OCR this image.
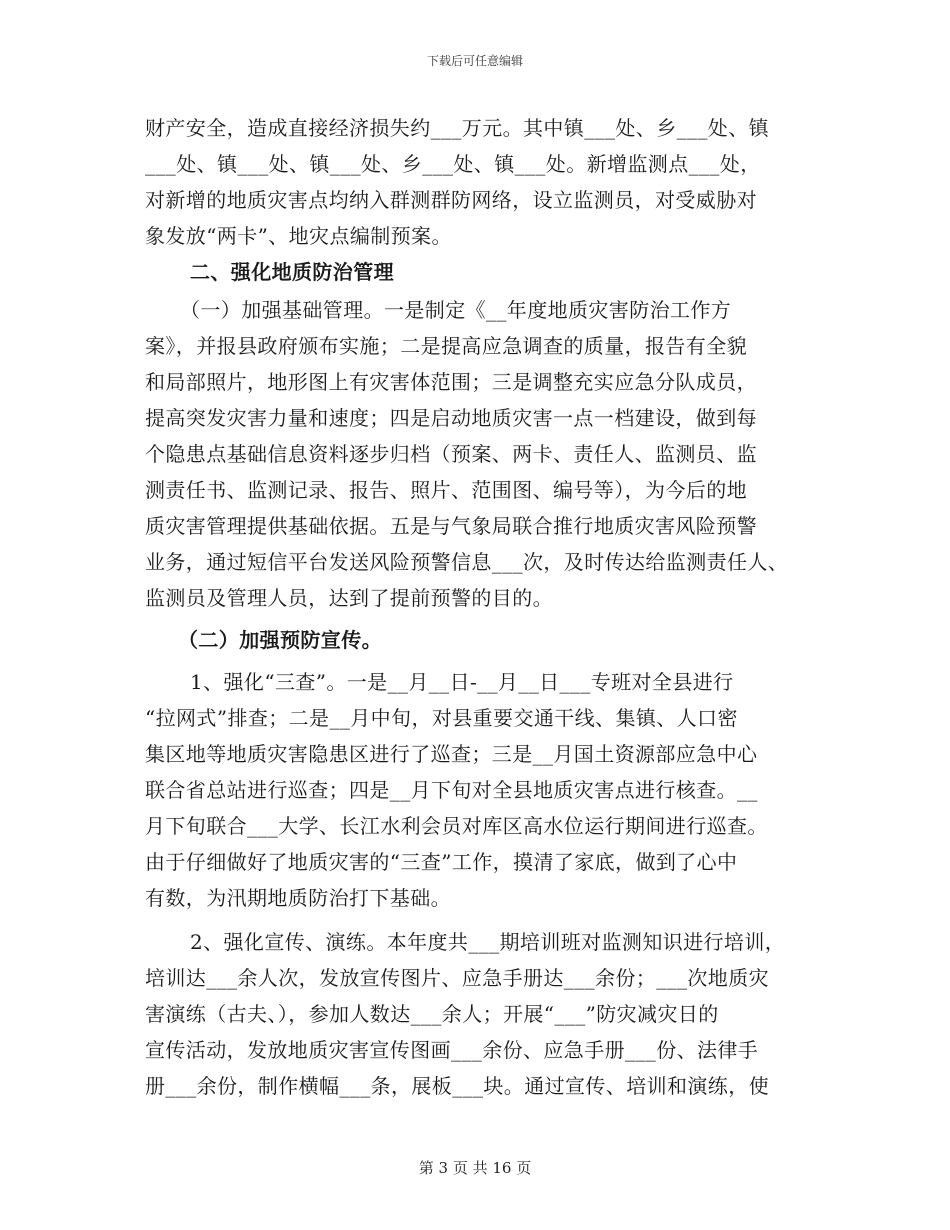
下载后可任意编辑
财产安全，造成直接经济损失约___万元。其中镇___处、乡___处、镇
___处、镇___处、镇___处、乡___处、镇___处。新增监测点___处，
对新增的地质灾害点均纳入群测群防网络，设立监测员，对受威胁对
象发放“两卡”、地灾点编制预案。
二、强化地质防治管理
（一）加强基础管理。一是制定《__年度地质灾害防治工作方
案》，并报县政府颁布实施；二是提高应急调查的质量，报告有全貌
和局部照片，地形图上有灾害体范围；三是调整充实应急分队成员，
提高突发灾害力量和速度；四是启动地质灾害一点一档建设，做到每
个隐患点基础信息资料逐步归档（预案、两卡、责任人、监测员、监
测责任书、监测记录、报告、照片、范围图、编号等），为今后的地
质灾害管理提供基础依据。五是与气象局联合推行地质灾害风险预警
业务，通过短信平台发送风险预警信息___次，及时传达给监测责任人、
监测员及管理人员，达到了提前预警的目的。
（二）加强预防宣传。
1、强化“三查”。一是__月__日-__月__日___专班对全县进行
“拉网式”排查；二是__月中旬，对县重要交通干线、集镇、人口密
集区地等地质灾害隐患区进行了巡查；三是__月国土资源部应急中心
联合省总站进行巡查；四是__月下旬对全县地质灾害点进行核查。__
月下旬联合___大学、长江水利会员对库区高水位运行期间进行巡查。
由于仔细做好了地质灾害的“三查”工作，摸清了家底，做到了心中
有数，为汛期地质防治打下基础。
2、强化宣传、演练。本年度共___期培训班对监测知识进行培训，
培训达___余人次，发放宣传图片、应急手册达___余份；___次地质灾
害演练（古夫、），参加人数达___余人；开展“___”防灾减灾日的
宣传活动，发放地质灾害宣传图画___余份、应急手册___份、法律手
册___余份，制作横幅___条，展板___块。通过宣传、培训和演练，使
第 3 页 共 16 页
